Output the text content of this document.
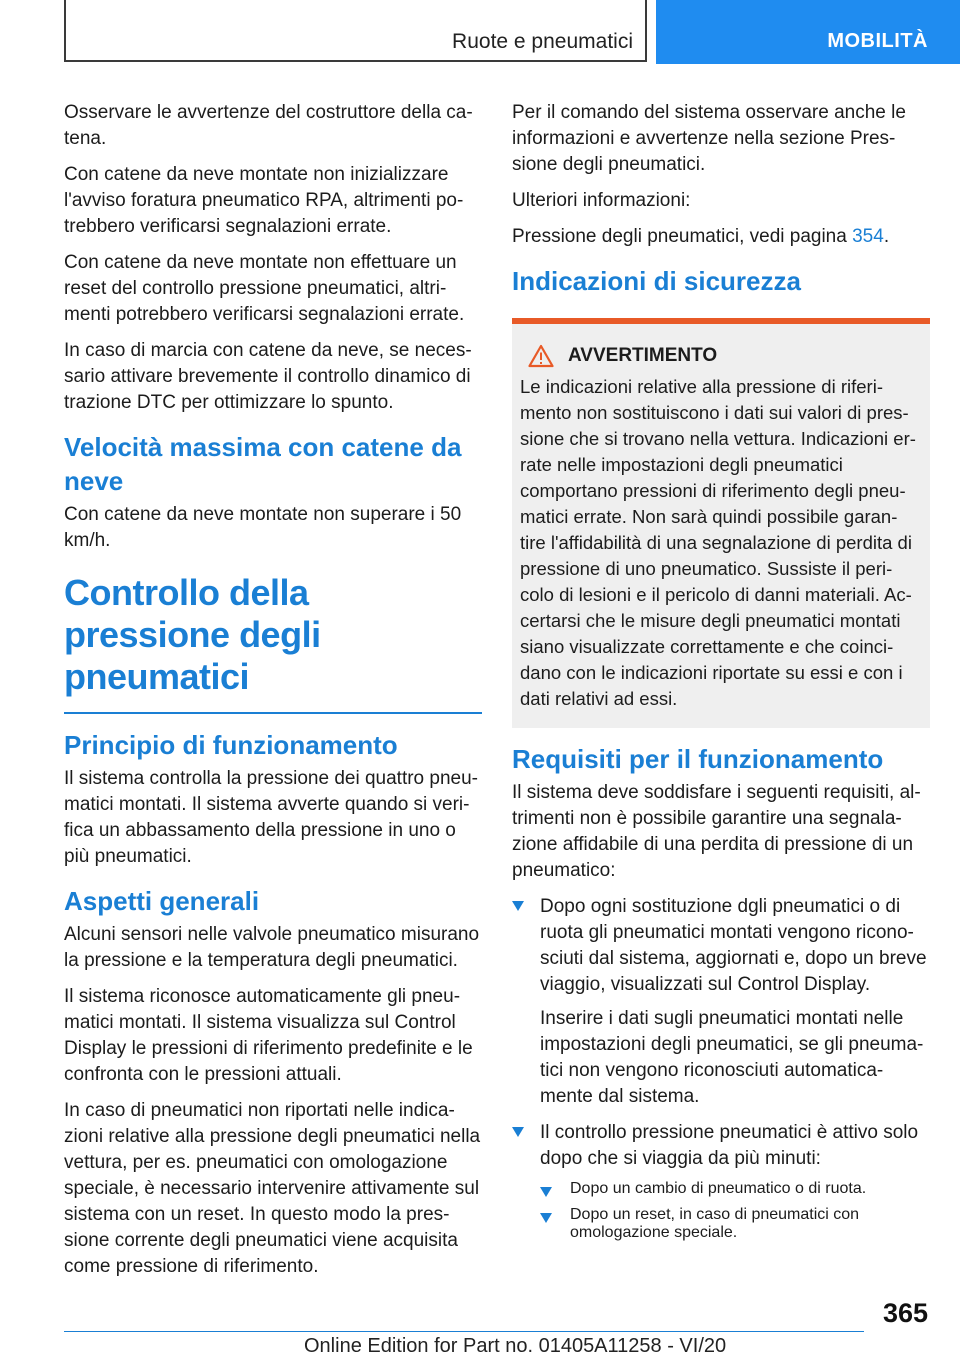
Ruote e pneumatici	MOBILITÀ

Osservare le avvertenze del costruttore della ca-tena.

Con catene da neve montate non inizializzare l'avviso foratura pneumatico RPA, altrimenti po-trebbero verificarsi segnalazioni errate.

Con catene da neve montate non effettuare un reset del controllo pressione pneumatici, altri-menti potrebbero verificarsi segnalazioni errate.

In caso di marcia con catene da neve, se neces-sario attivare brevemente il controllo dinamico di trazione DTC per ottimizzare lo spunto.

Velocità massima con catene da neve

Con catene da neve montate non superare i 50 km/h.

Controllo della pressione degli pneumatici
Principio di funzionamento

Il sistema controlla la pressione dei quattro pneu-matici montati. Il sistema avverte quando si veri-fica un abbassamento della pressione in uno o più pneumatici.

Aspetti generali

Alcuni sensori nelle valvole pneumatico misurano la pressione e la temperatura degli pneumatici.

Il sistema riconosce automaticamente gli pneu-matici montati. Il sistema visualizza sul Control Display le pressioni di riferimento predefinite e le confronta con le pressioni attuali.

In caso di pneumatici non riportati nelle indica-zioni relative alla pressione degli pneumatici nella vettura, per es. pneumatici con omologazione speciale, è necessario intervenire attivamente sul sistema con un reset. In questo modo la pres-sione corrente degli pneumatici viene acquisita come pressione di riferimento.

Per il comando del sistema osservare anche le informazioni e avvertenze nella sezione Pres-sione degli pneumatici.

Ulteriori informazioni:

Pressione degli pneumatici, vedi pagina 354.

Indicazioni di sicurezza
AVVERTIMENTO

Le indicazioni relative alla pressione di riferi-mento non sostituiscono i dati sui valori di pres-sione che si trovano nella vettura. Indicazioni er-rate nelle impostazioni degli pneumatici comportano pressioni di riferimento degli pneu-matici errate. Non sarà quindi possibile garan-tire l'affidabilità di una segnalazione di perdita di pressione di uno pneumatico. Sussiste il peri-colo di lesioni e il pericolo di danni materiali. Ac-certarsi che le misure degli pneumatici montati siano visualizzate correttamente e che coinci-dano con le indicazioni riportate su essi e con i dati relativi ad essi.

Requisiti per il funzionamento

Il sistema deve soddisfare i seguenti requisiti, al-trimenti non è possibile garantire una segnala-zione affidabile di una perdita di pressione di un pneumatico:

Dopo ogni sostituzione dgli pneumatici o di ruota gli pneumatici montati vengono ricono-sciuti dal sistema, aggiornati e, dopo un breve viaggio, visualizzati sul Control Display.

Inserire i dati sugli pneumatici montati nelle impostazioni degli pneumatici, se gli pneuma-tici non vengono riconosciuti automatica-mente dal sistema.

Il controllo pressione pneumatici è attivo solo dopo che si viaggia da più minuti:

Dopo un cambio di pneumatico o di ruota.
Dopo un reset, in caso di pneumatici con omologazione speciale.
365
Online Edition for Part no. 01405A11258 - VI/20
